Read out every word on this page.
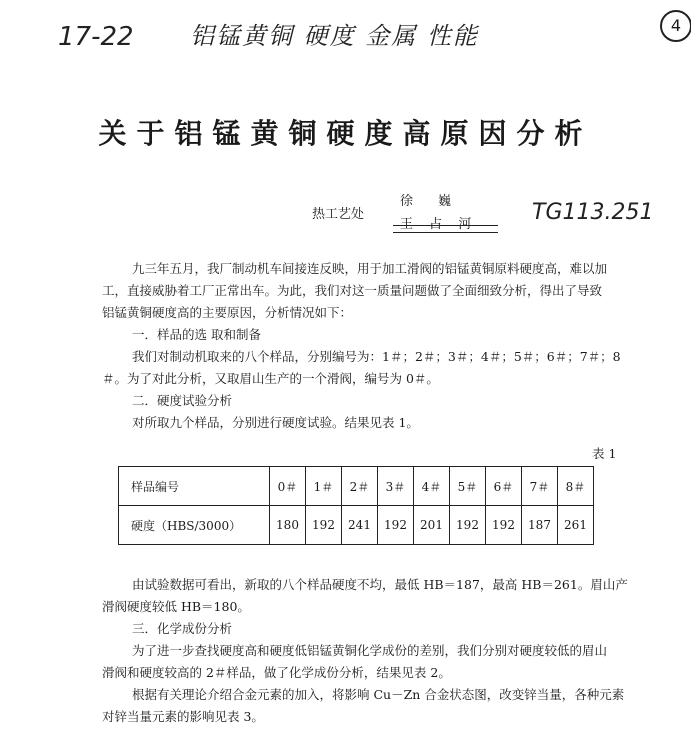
17-22 铝锰黄铜 硬度 金属 性能	4
关于铝锰黄铜硬度高原因分析
热工艺处
徐　巍
王 占 河 TG113.251

九三年五月，我厂制动机车间接连反映，用于加工滑阀的铝锰黄铜原料硬度高，难以加

工，直接威胁着工厂正常出车。为此，我们对这一质量问题做了全面细致分析，得出了导致

铝锰黄铜硬度高的主要原因，分析情况如下：

一．样品的选 取和制备

我们对制动机取来的八个样品，分别编号为：1＃；2＃；3＃；4＃；5＃；6＃；7＃；8

＃。为了对此分析，又取眉山生产的一个滑阀，编号为 0＃。

二．硬度试验分析
对所取九个样品，分别进行硬度试验。结果见表 1。
表 1
样品编号	0＃	1＃	2＃	3＃	4＃	5＃	6＃	7＃	8＃
硬度（HBS/3000）	180	192	241	192	201	192	192	187	261

由试验数据可看出，新取的八个样品硬度不均，最低 HB＝187，最高 HB＝261。眉山产

滑阀硬度较低 HB＝180。

三．化学成份分析

为了进一步查找硬度高和硬度低铝锰黄铜化学成份的差别，我们分别对硬度较低的眉山

滑阀和硬度较高的 2＃样品，做了化学成份分析，结果见表 2。

根据有关理论介绍合金元素的加入，将影响 Cu－Zn 合金状态图，改变锌当量，各种元素

对锌当量元素的影响见表 3。
